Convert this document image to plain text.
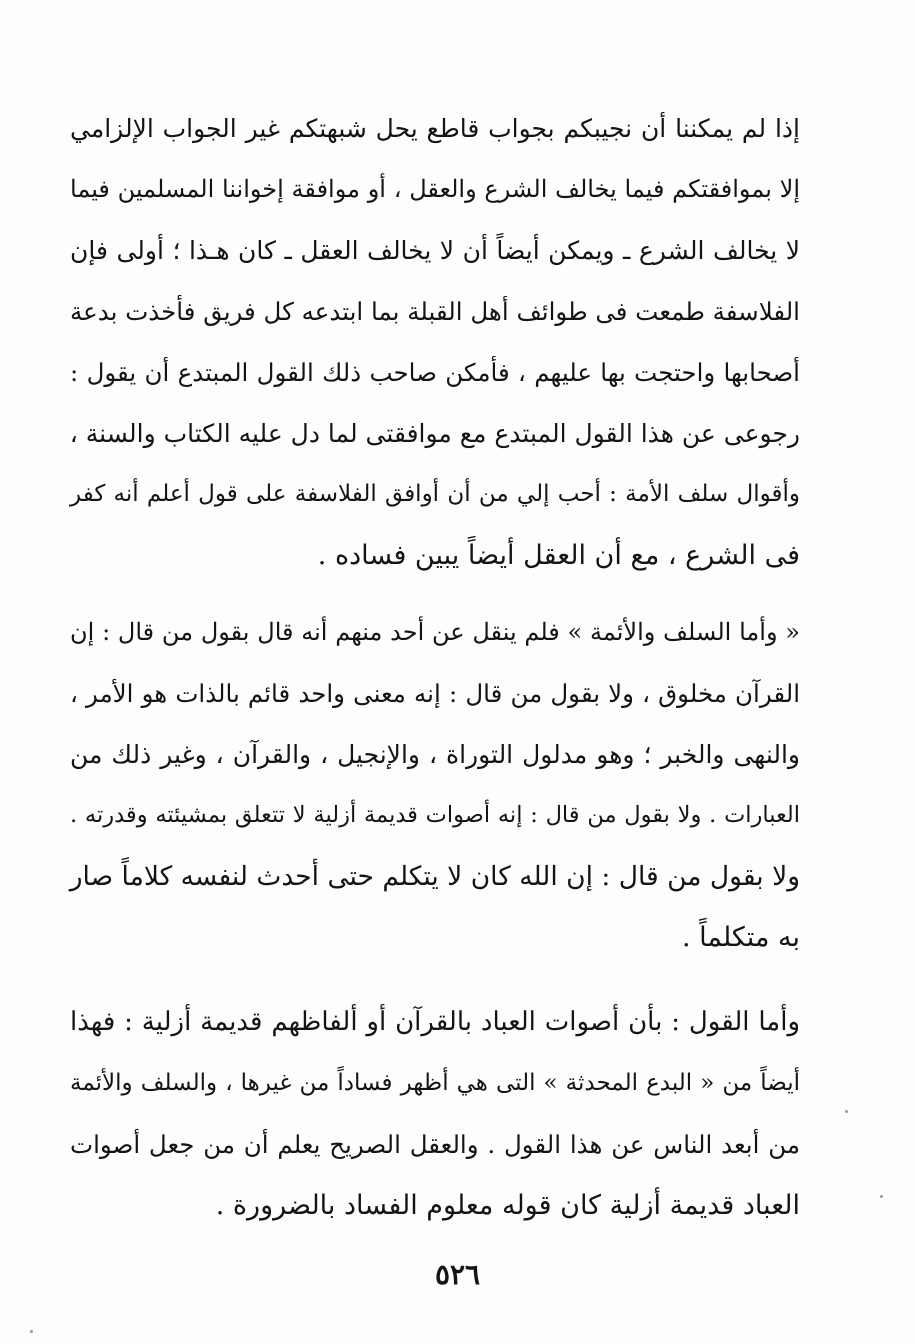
إذا لم يمكننا أن نجيبكم بجواب قاطع يحل شبهتكم غير الجواب الإلزامي
إلا بموافقتكم فيما يخالف الشرع والعقل ، أو موافقة إخواننا المسلمين فيما
لا يخالف الشرع ـ ويمكن أيضاً أن لا يخالف العقل ـ كان هـذا ؛ أولى فإن
الفلاسفة طمعت فى طوائف أهل القبلة بما ابتدعه كل فريق فأخذت بدعة
أصحابها واحتجت بها عليهم ، فأمكن صاحب ذلك القول المبتدع أن يقول :
رجوعى عن هذا القول المبتدع مع موافقتى لما دل عليه الكتاب والسنة ،
وأقوال سلف الأمة : أحب إلي من أن أوافق الفلاسفة على قول أعلم أنه كفر
فى الشرع ، مع أن العقل أيضاً يبين فساده .
« وأما السلف والأئمة » فلم ينقل عن أحد منهم أنه قال بقول من قال : إن
القرآن مخلوق ، ولا بقول من قال : إنه معنى واحد قائم بالذات هو الأمر ،
والنهى والخبر ؛ وهو مدلول التوراة ، والإنجيل ، والقرآن ، وغير ذلك من
العبارات . ولا بقول من قال : إنه أصوات قديمة أزلية لا تتعلق بمشيئته وقدرته .
ولا بقول من قال : إن الله كان لا يتكلم حتى أحدث لنفسه كلاماً صار
به متكلماً .
وأما القول : بأن أصوات العباد بالقرآن أو ألفاظهم قديمة أزلية : فهذا
أيضاً من « البدع المحدثة » التى هي أظهر فساداً من غيرها ، والسلف والأئمة
من أبعد الناس عن هذا القول . والعقل الصريح يعلم أن من جعل أصوات
العباد قديمة أزلية كان قوله معلوم الفساد بالضرورة .
٥٢٦
